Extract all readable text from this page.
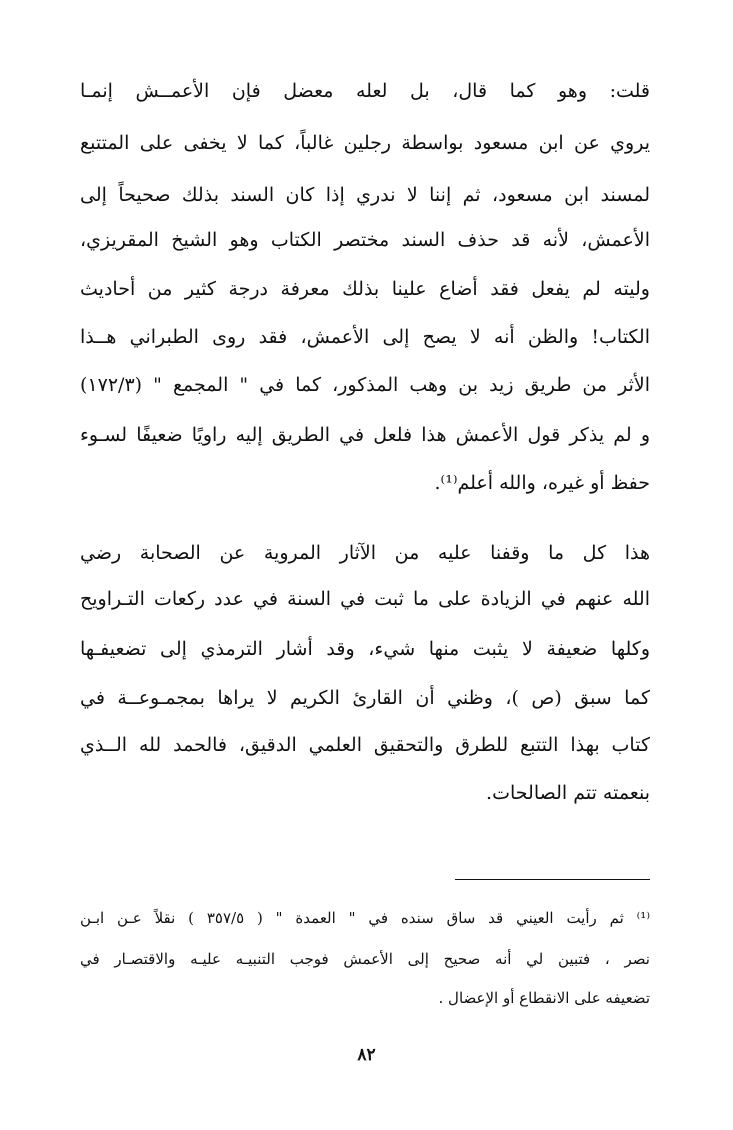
قلت: وهو كما قال، بل لعله معضل فإن الأعمــش إنمـا
يروي عن ابن مسعود بواسطة رجلين غالباً، كما لا يخفى على المتتبع
لمسند ابن مسعود، ثم إننا لا ندري إذا كان السند بذلك صحيحاً إلى
الأعمش، لأنه قد حذف السند مختصر الكتاب وهو الشيخ المقريزي،
وليته لم يفعل فقد أضاع علينا بذلك معرفة درجة كثير من أحاديث
الكتاب! والظن أنه لا يصح إلى الأعمش، فقد روى الطبراني هــذا
الأثر من طريق زيد بن وهب المذكور، كما في " المجمع " (١٧٢/٣)
و لم يذكر قول الأعمش هذا فلعل في الطريق إليه راويًا ضعيفًا لسـوء
حفظ أو غيره، والله أعلم⁽¹⁾.
هذا كل ما وقفنا عليه من الآثار المروية عن الصحابة رضي
الله عنهم في الزيادة على ما ثبت في السنة في عدد ركعات التـراويح
وكلها ضعيفة لا يثبت منها شيء، وقد أشار الترمذي إلى تضعيفـها
كما سبق (ص )، وظني أن القارئ الكريم لا يراها بمجمـوعــة في
كتاب بهذا التتبع للطرق والتحقيق العلمي الدقيق، فالحمد لله الــذي
بنعمته تتم الصالحات.
⁽¹⁾ ثم رأيت العيني قد ساق سنده في " العمدة " ( ٣٥٧/٥ ) نقلاً عـن ابـن
نصر ، فتبين لي أنه صحيح إلى الأعمش فوجب التنبيـه عليـه والاقتصـار في
تضعيفه على الانقطاع أو الإعضال .
٨٢
